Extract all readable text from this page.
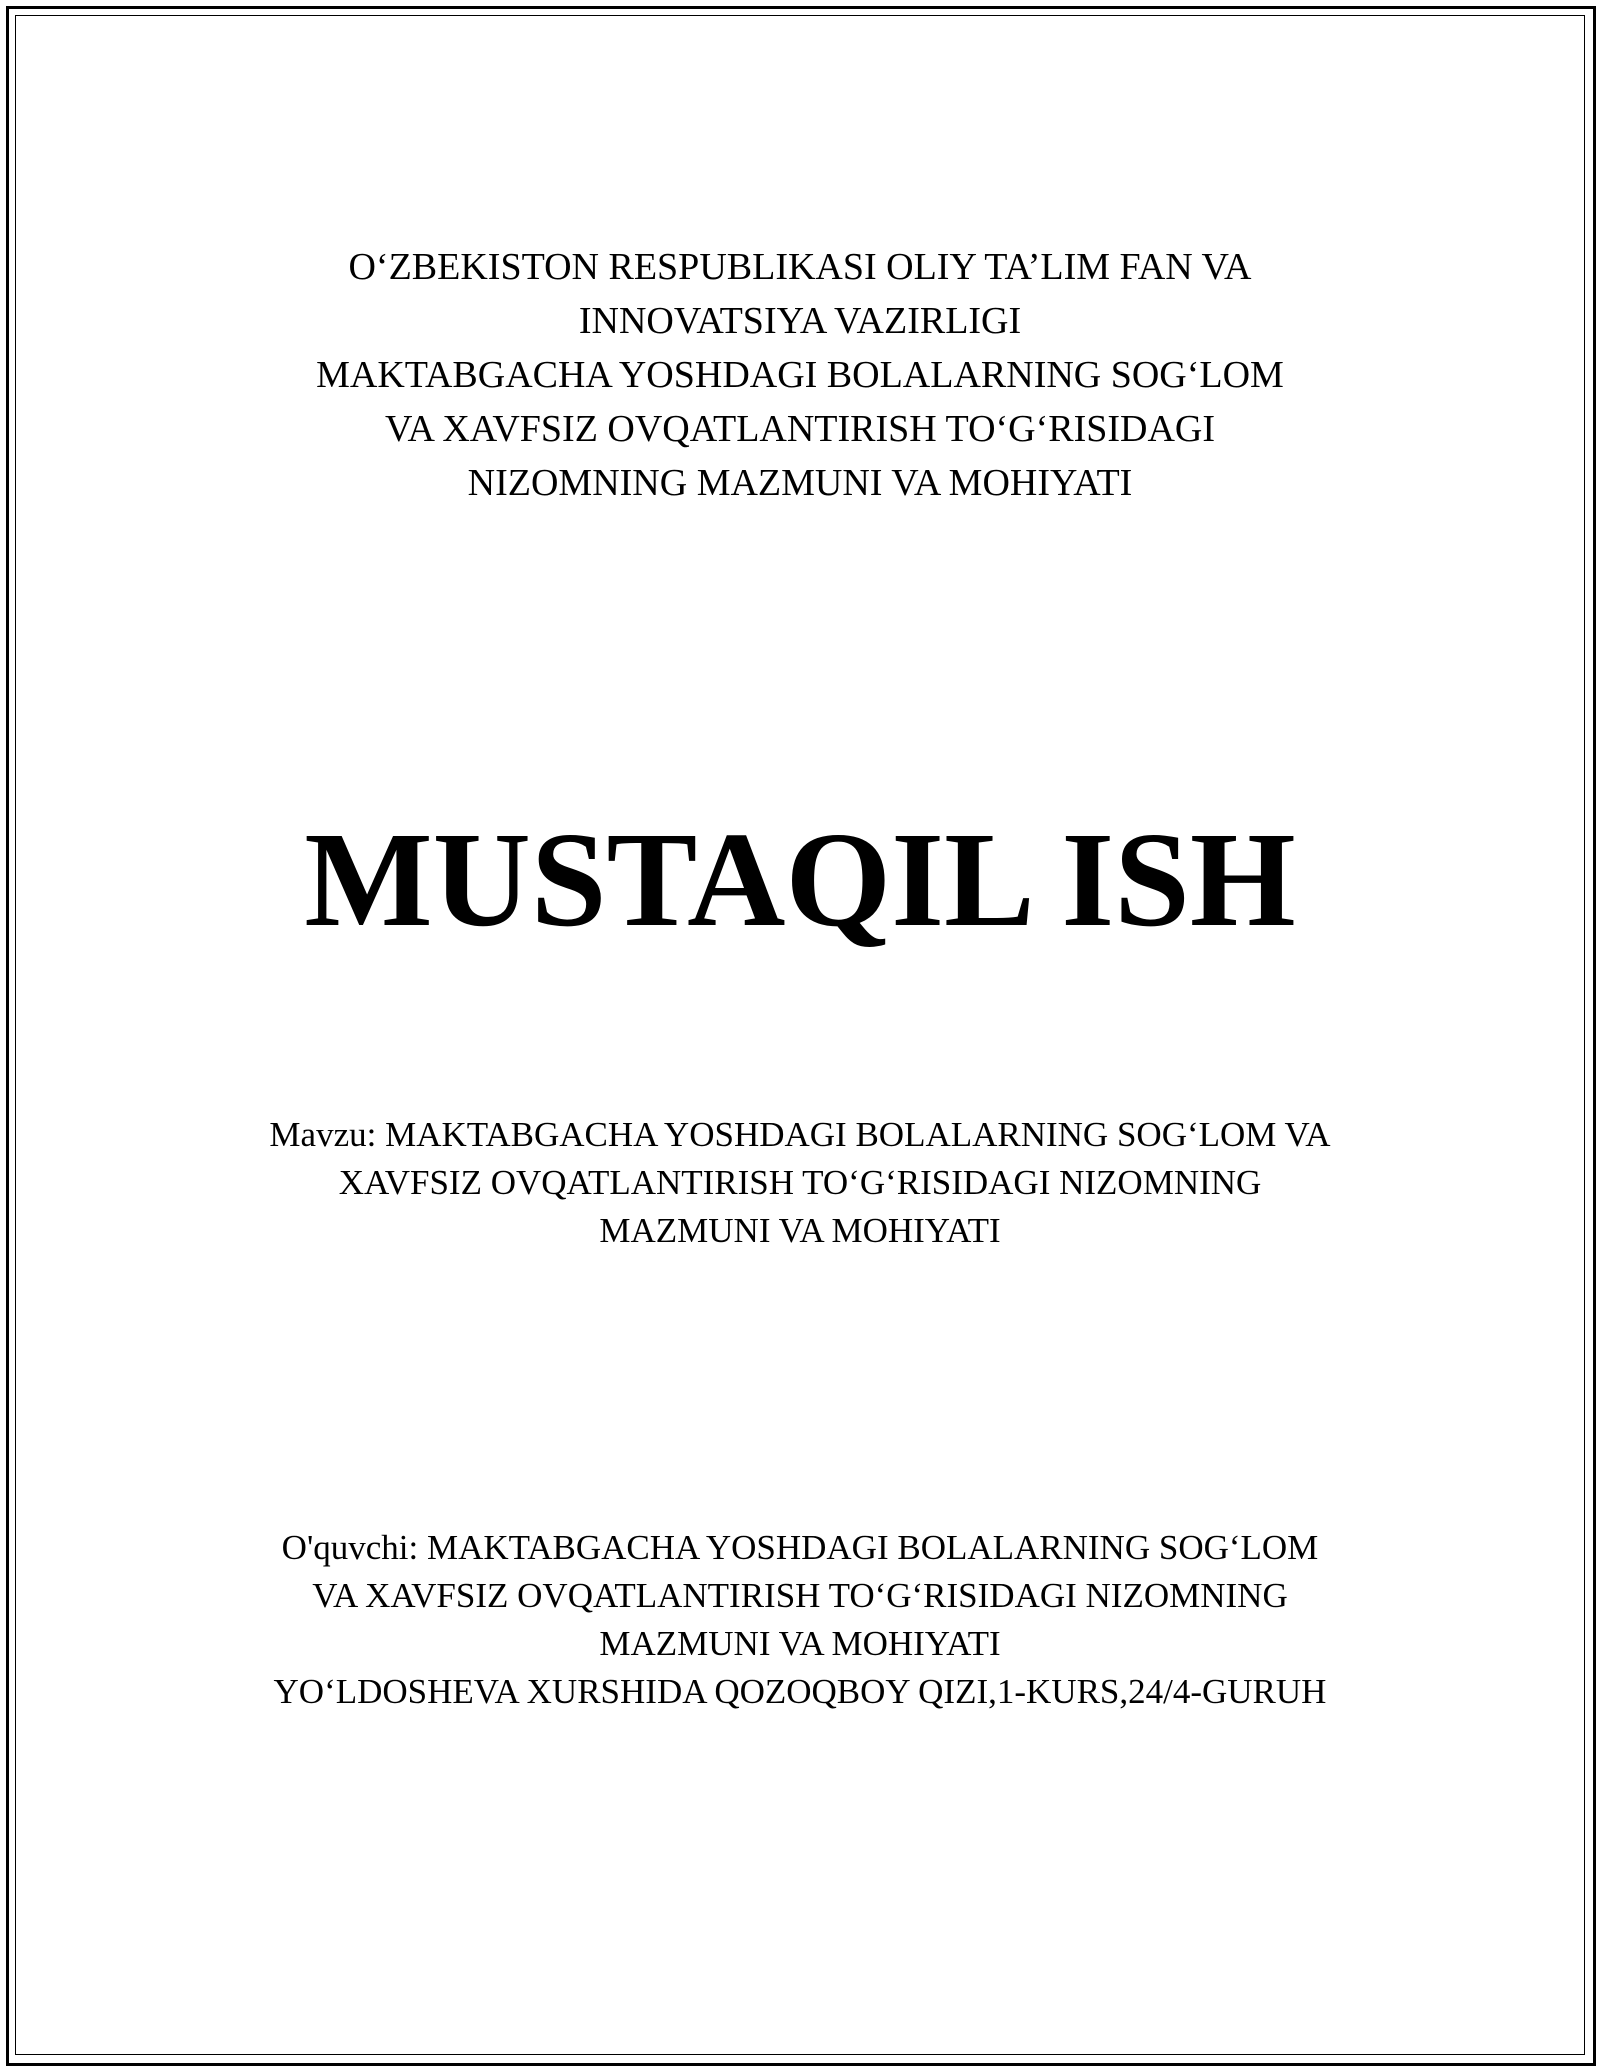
O‘ZBEKISTON RESPUBLIKASI OLIY TA’LIM FAN VA
INNOVATSIYA VAZIRLIGI
MAKTABGACHA YOSHDAGI BOLALARNING SOG‘LOM
VA XAVFSIZ OVQATLANTIRISH TO‘G‘RISIDAGI
NIZOMNING MAZMUNI VA MOHIYATI
MUSTAQIL ISH
Mavzu: MAKTABGACHA YOSHDAGI BOLALARNING SOG‘LOM VA
XAVFSIZ OVQATLANTIRISH TO‘G‘RISIDAGI NIZOMNING
MAZMUNI VA MOHIYATI
O'quvchi: MAKTABGACHA YOSHDAGI BOLALARNING SOG‘LOM
VA XAVFSIZ OVQATLANTIRISH TO‘G‘RISIDAGI NIZOMNING
MAZMUNI VA MOHIYATI
YO‘LDOSHEVA XURSHIDA QOZOQBOY QIZI,1-KURS,24/4-GURUH
